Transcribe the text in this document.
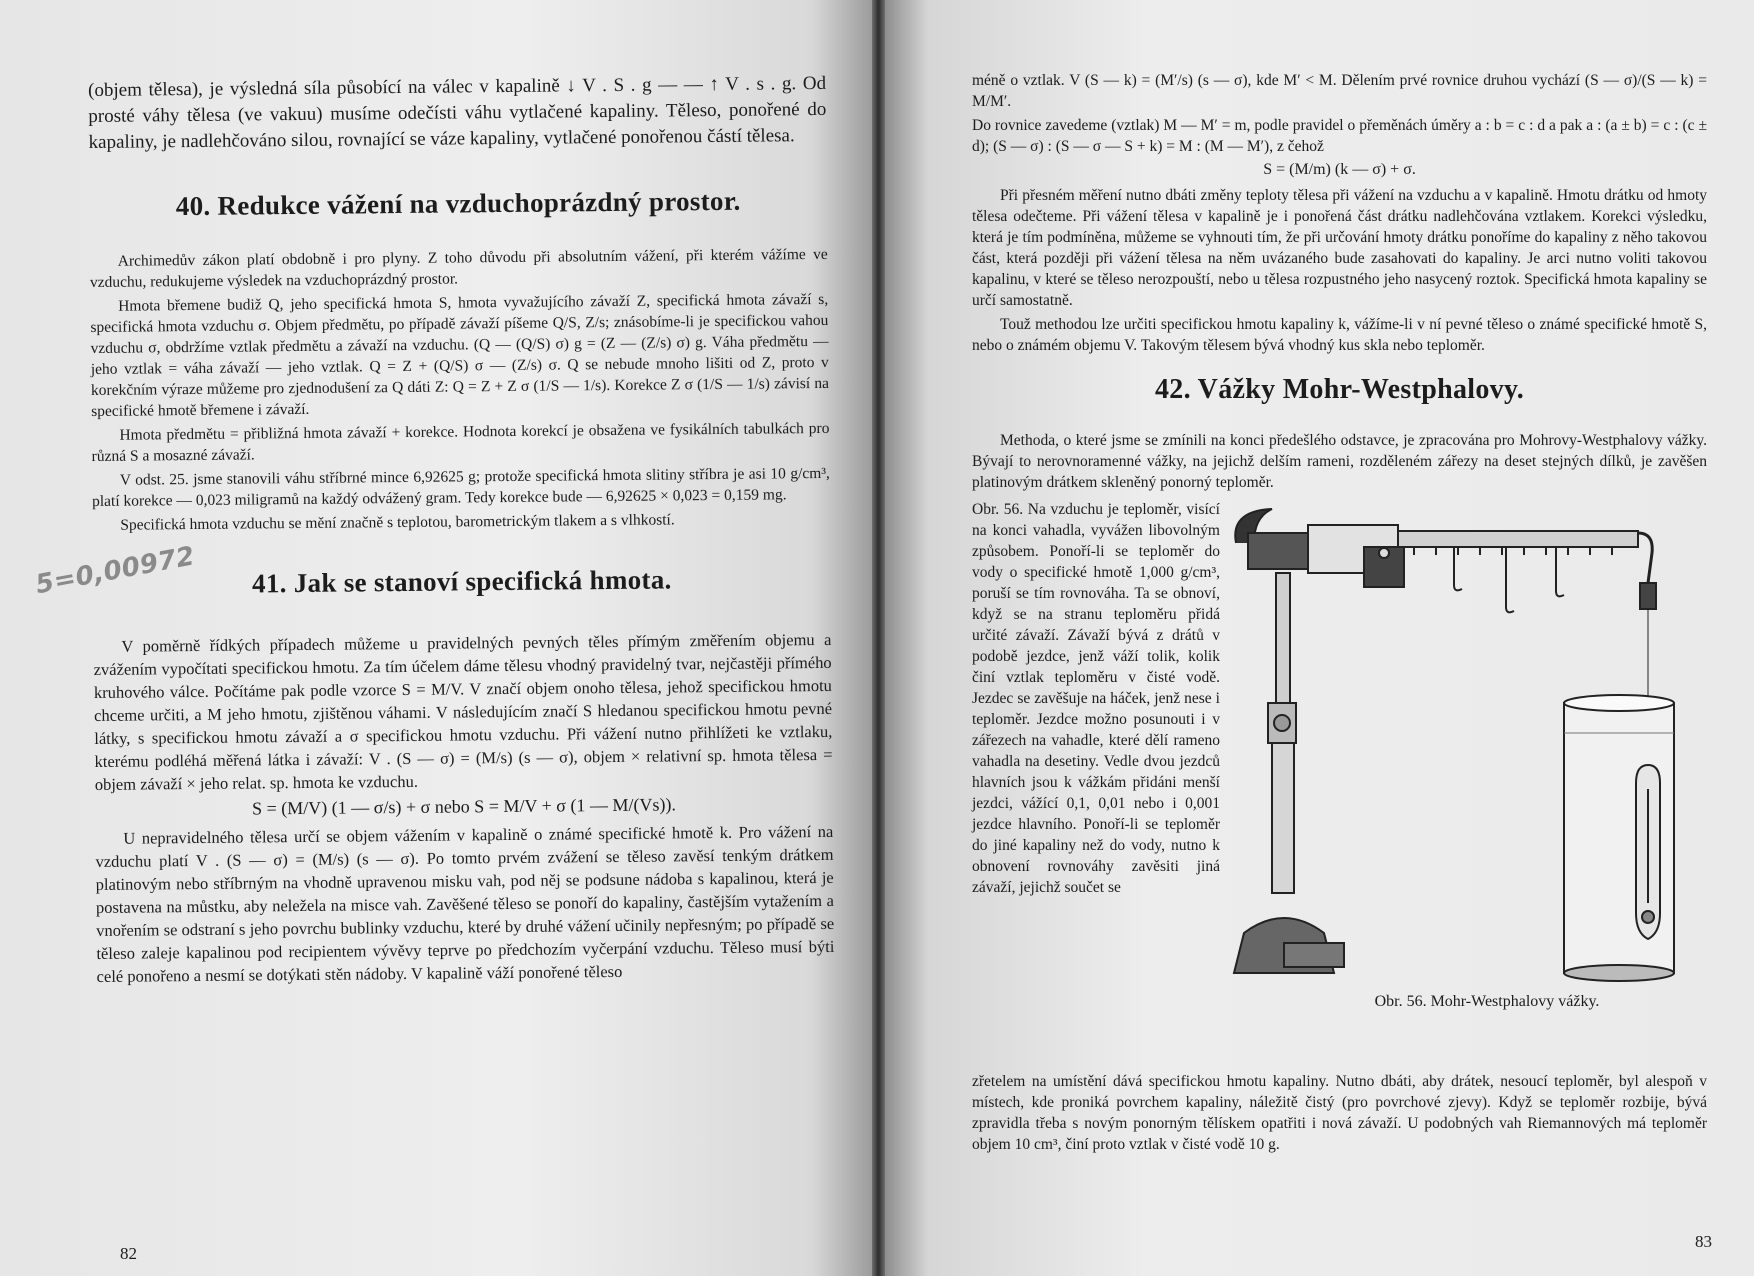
(objem tělesa), je výsledná síla působící na válec v kapalině ↓ V . S . g — — ↑ V . s . g. Od prosté váhy tělesa (ve vakuu) musíme odečísti váhu vytlačené kapaliny. Těleso, ponořené do kapaliny, je nadlehčováno silou, rovnající se váze kapaliny, vytlačené ponořenou částí tělesa.

40. Redukce vážení na vzduchoprázdný prostor.

Archimedův zákon platí obdobně i pro plyny. Z toho důvodu při absolutním vážení, při kterém vážíme ve vzduchu, redukujeme výsledek na vzduchoprázdný prostor.

Hmota břemene budiž Q, jeho specifická hmota S, hmota vyvažujícího závaží Z, specifická hmota závaží s, specifická hmota vzduchu σ. Objem předmětu, po případě závaží píšeme Q/S, Z/s; znásobíme-li je specifickou vahou vzduchu σ, obdržíme vztlak předmětu a závaží na vzduchu. (Q — (Q/S) σ) g = (Z — (Z/s) σ) g. Váha předmětu — jeho vztlak = váha závaží — jeho vztlak. Q = Z + (Q/S) σ — (Z/s) σ. Q se nebude mnoho lišiti od Z, proto v korekčním výraze můžeme pro zjednodušení za Q dáti Z: Q = Z + Z σ (1/S — 1/s). Korekce Z σ (1/S — 1/s) závisí na specifické hmotě břemene i závaží.

Hmota předmětu = přibližná hmota závaží + korekce. Hodnota korekcí je obsažena ve fysikálních tabulkách pro různá S a mosazné závaží.

V odst. 25. jsme stanovili váhu stříbrné mince 6,92625 g; protože specifická hmota slitiny stříbra je asi 10 g/cm³, platí korekce — 0,023 miligramů na každý odvážený gram. Tedy korekce bude — 6,92625 × 0,023 = 0,159 mg.

Specifická hmota vzduchu se mění značně s teplotou, barometrickým tlakem a s vlhkostí.

5=0,00972 41. Jak se stanoví specifická hmota.

V poměrně řídkých případech můžeme u pravidelných pevných těles přímým změřením objemu a zvážením vypočítati specifickou hmotu. Za tím účelem dáme tělesu vhodný pravidelný tvar, nejčastěji přímého kruhového válce. Počítáme pak podle vzorce S = M/V. V značí objem onoho tělesa, jehož specifickou hmotu chceme určiti, a M jeho hmotu, zjištěnou váhami. V následujícím značí S hledanou specifickou hmotu pevné látky, s specifickou hmotu závaží a σ specifickou hmotu vzduchu. Při vážení nutno přihlížeti ke vztlaku, kterému podléhá měřená látka i závaží: V . (S — σ) = (M/s) (s — σ), objem × relativní sp. hmota tělesa = objem závaží × jeho relat. sp. hmota ke vzduchu.

S = (M/V) (1 — σ/s) + σ nebo S = M/V + σ (1 — M/(Vs)).

U nepravidelného tělesa určí se objem vážením v kapalině o známé specifické hmotě k. Pro vážení na vzduchu platí V . (S — σ) = (M/s) (s — σ). Po tomto prvém zvážení se těleso zavěsí tenkým drátkem platinovým nebo stříbrným na vhodně upravenou misku vah, pod něj se podsune nádoba s kapalinou, která je postavena na můstku, aby neležela na misce vah. Zavěšené těleso se ponoří do kapaliny, častějším vytažením a vnořením se odstraní s jeho povrchu bublinky vzduchu, které by druhé vážení učinily nepřesným; po případě se těleso zaleje kapalinou pod recipientem vývěvy teprve po předchozím vyčerpání vzduchu. Těleso musí býti celé ponořeno a nesmí se dotýkati stěn nádoby. V kapalině váží ponořené těleso

82

méně o vztlak. V (S — k) = (M′/s) (s — σ), kde M′ < M. Dělením prvé rovnice druhou vychází (S — σ)/(S — k) = M/M′.

Do rovnice zavedeme (vztlak) M — M′ = m, podle pravidel o přeměnách úměry a : b = c : d a pak a : (a ± b) = c : (c ± d); (S — σ) : (S — σ — S + k) = M : (M — M′), z čehož

S = (M/m) (k — σ) + σ.

Při přesném měření nutno dbáti změny teploty tělesa při vážení na vzduchu a v kapalině. Hmotu drátku od hmoty tělesa odečteme. Při vážení tělesa v kapalině je i ponořená část drátku nadlehčována vztlakem. Korekci výsledku, která je tím podmíněna, můžeme se vyhnouti tím, že při určování hmoty drátku ponoříme do kapaliny z něho takovou část, která později při vážení tělesa na něm uvázaného bude zasahovati do kapaliny. Je arci nutno voliti takovou kapalinu, v které se těleso nerozpouští, nebo u tělesa rozpustného jeho nasycený roztok. Specifická hmota kapaliny se určí samostatně.

Touž methodou lze určiti specifickou hmotu kapaliny k, vážíme-li v ní pevné těleso o známé specifické hmotě S, nebo o známém objemu V. Takovým tělesem bývá vhodný kus skla nebo teploměr.

42. Vážky Mohr-Westphalovy.

Methoda, o které jsme se zmínili na konci předešlého odstavce, je zpracována pro Mohrovy-Westphalovy vážky. Bývají to nerovnoramenné vážky, na jejichž delším rameni, rozděleném zářezy na deset stejných dílků, je zavěšen platinovým drátkem skleněný ponorný teploměr.

Obr. 56. Na vzduchu je teploměr, visící na konci vahadla, vyvážen libovolným způsobem. Ponoří-li se teploměr do vody o specifické hmotě 1,000 g/cm³, poruší se tím rovnováha. Ta se obnoví, když se na stranu teploměru přidá určité závaží. Závaží bývá z drátů v podobě jezdce, jenž váží tolik, kolik činí vztlak teploměru v čisté vodě. Jezdec se zavěšuje na háček, jenž nese i teploměr. Jezdce možno posunouti i v zářezech na vahadle, které dělí rameno vahadla na desetiny. Vedle dvou jezdců hlavních jsou k vážkám přidáni menší jezdci, vážící 0,1, 0,01 nebo i 0,001 jezdce hlavního. Ponoří-li se teploměr do jiné kapaliny než do vody, nutno k obnovení rovnováhy zavěsiti jiná závaží, jejichž součet se

Obr. 56. Mohr-Westphalovy vážky.

zřetelem na umístění dává specifickou hmotu kapaliny. Nutno dbáti, aby drátek, nesoucí teploměr, byl alespoň v místech, kde proniká povrchem kapaliny, náležitě čistý (pro povrchové zjevy). Když se teploměr rozbije, bývá zpravidla třeba s novým ponorným tělískem opatřiti i nová závaží. U podobných vah Riemannových má teploměr objem 10 cm³, činí proto vztlak v čisté vodě 10 g.

83
